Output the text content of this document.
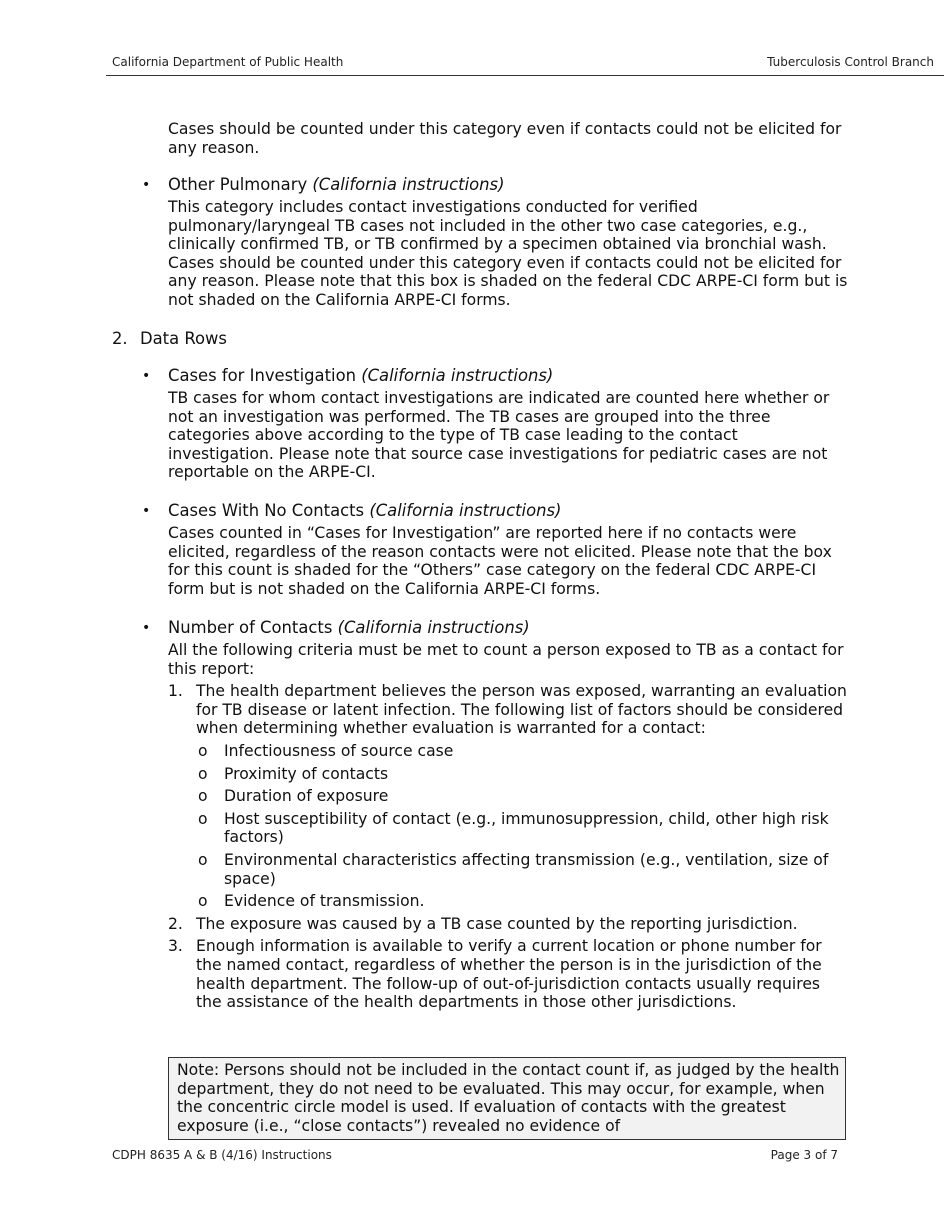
California Department of Public Health	Tuberculosis Control Branch
Cases should be counted under this category even if contacts could not be elicited for any reason.
• Other Pulmonary (California instructions)
This category includes contact investigations conducted for verified pulmonary/laryngeal TB cases not included in the other two case categories, e.g., clinically confirmed TB, or TB confirmed by a specimen obtained via bronchial wash. Cases should be counted under this category even if contacts could not be elicited for any reason. Please note that this box is shaded on the federal CDC ARPE-CI form but is not shaded on the California ARPE-CI forms.
2. Data Rows
• Cases for Investigation (California instructions)
TB cases for whom contact investigations are indicated are counted here whether or not an investigation was performed. The TB cases are grouped into the three categories above according to the type of TB case leading to the contact investigation. Please note that source case investigations for pediatric cases are not reportable on the ARPE-CI.
• Cases With No Contacts (California instructions)
Cases counted in “Cases for Investigation” are reported here if no contacts were elicited, regardless of the reason contacts were not elicited. Please note that the box for this count is shaded for the “Others” case category on the federal CDC ARPE-CI form but is not shaded on the California ARPE-CI forms.
• Number of Contacts (California instructions)
All the following criteria must be met to count a person exposed to TB as a contact for this report:
1. The health department believes the person was exposed, warranting an evaluation for TB disease or latent infection. The following list of factors should be considered when determining whether evaluation is warranted for a contact:
o Infectiousness of source case
o Proximity of contacts
o Duration of exposure
o Host susceptibility of contact (e.g., immunosuppression, child, other high risk factors)
o Environmental characteristics affecting transmission (e.g., ventilation, size of space)
o Evidence of transmission.
2. The exposure was caused by a TB case counted by the reporting jurisdiction.
3. Enough information is available to verify a current location or phone number for the named contact, regardless of whether the person is in the jurisdiction of the health department. The follow-up of out-of-jurisdiction contacts usually requires the assistance of the health departments in those other jurisdictions.
Note: Persons should not be included in the contact count if, as judged by the health department, they do not need to be evaluated. This may occur, for example, when the concentric circle model is used. If evaluation of contacts with the greatest exposure (i.e., “close contacts”) revealed no evidence of
CDPH 8635 A & B (4/16) Instructions	Page 3 of 7
